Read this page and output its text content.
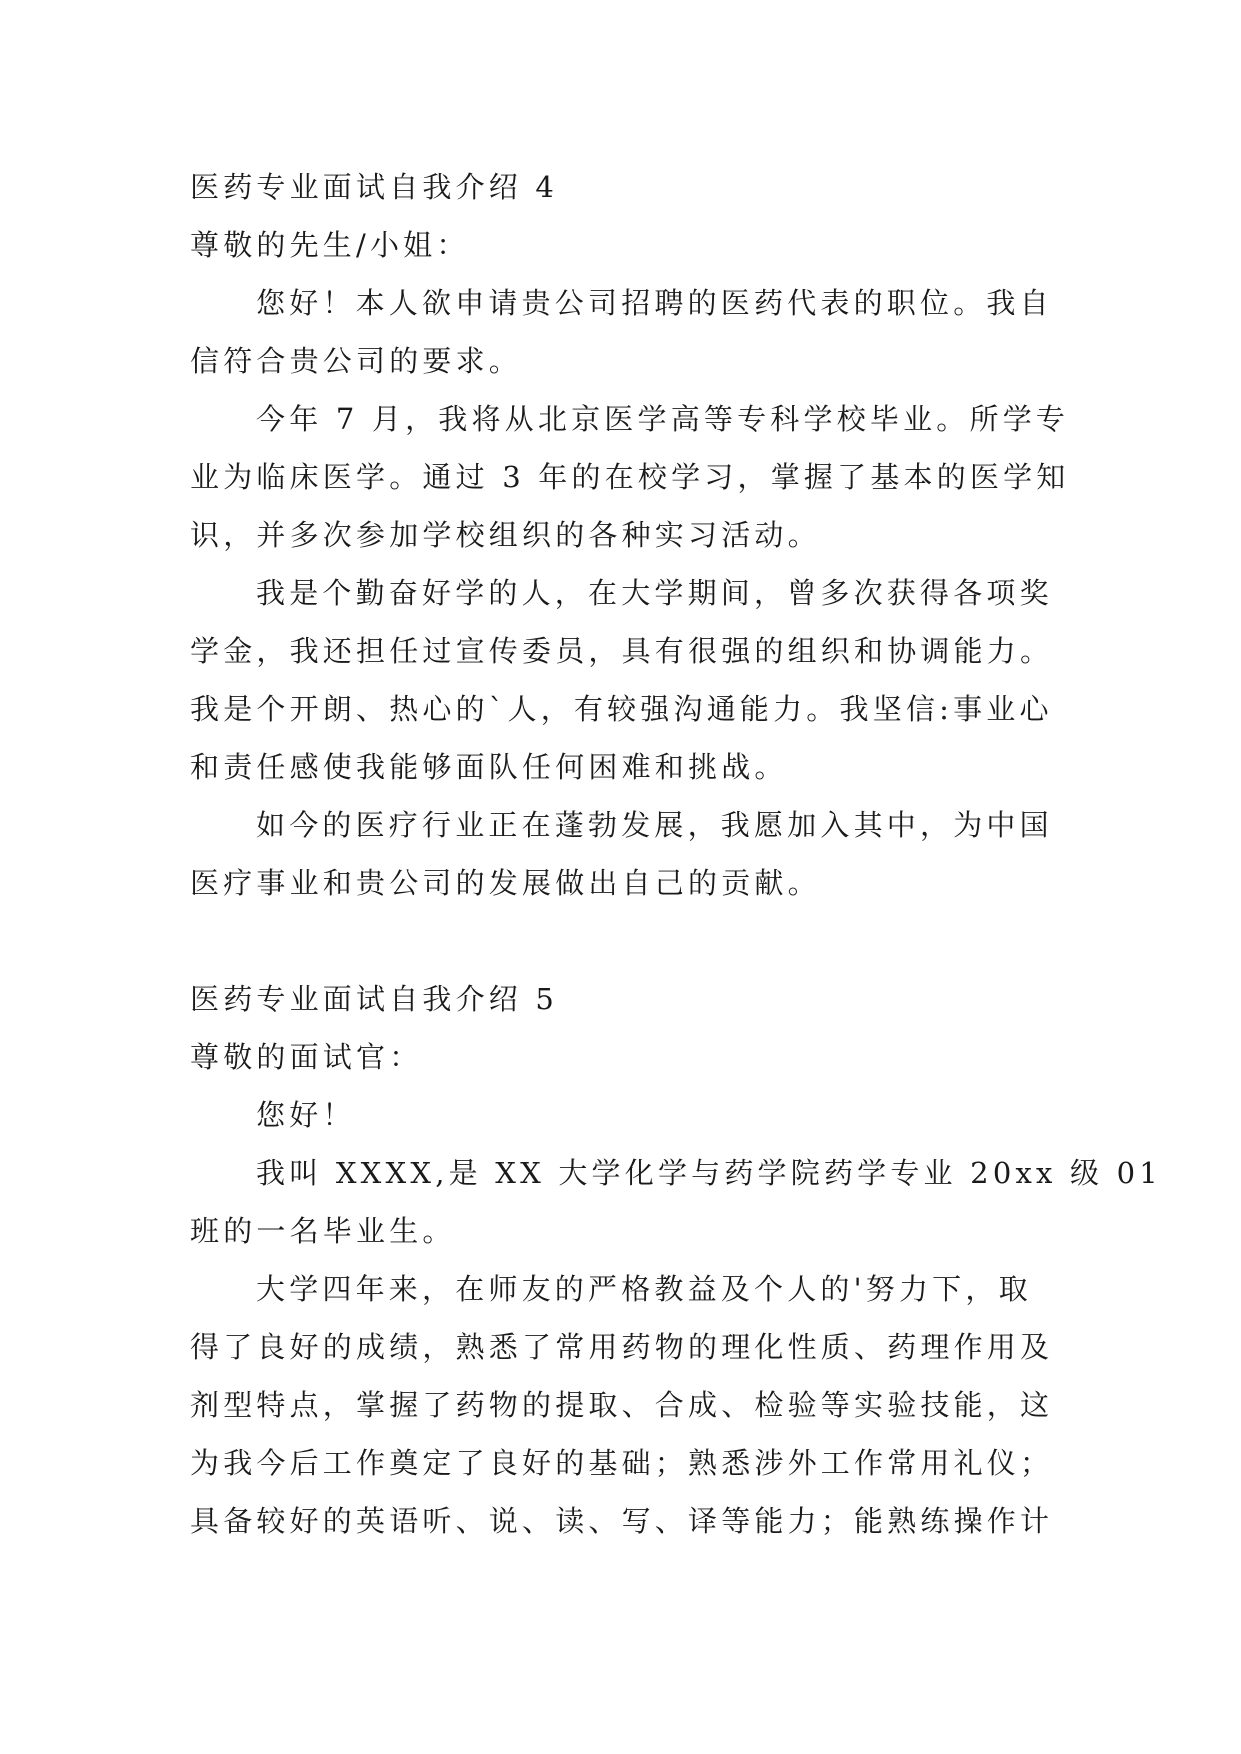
医药专业面试自我介绍 4
尊敬的先生/小姐：
您好！本人欲申请贵公司招聘的医药代表的职位。我自
信符合贵公司的要求。
今年 7 月，我将从北京医学高等专科学校毕业。所学专
业为临床医学。通过 3 年的在校学习，掌握了基本的医学知
识，并多次参加学校组织的各种实习活动。
我是个勤奋好学的人，在大学期间，曾多次获得各项奖
学金，我还担任过宣传委员，具有很强的组织和协调能力。
我是个开朗、热心的`人，有较强沟通能力。我坚信:事业心
和责任感使我能够面队任何困难和挑战。
如今的医疗行业正在蓬勃发展，我愿加入其中，为中国
医疗事业和贵公司的发展做出自己的贡献。
医药专业面试自我介绍 5
尊敬的面试官：
您好！
我叫 XXXX,是 XX 大学化学与药学院药学专业 20xx 级 01
班的一名毕业生。
大学四年来，在师友的严格教益及个人的'努力下，取
得了良好的成绩，熟悉了常用药物的理化性质、药理作用及
剂型特点，掌握了药物的提取、合成、检验等实验技能，这
为我今后工作奠定了良好的基础；熟悉涉外工作常用礼仪；
具备较好的英语听、说、读、写、译等能力；能熟练操作计
